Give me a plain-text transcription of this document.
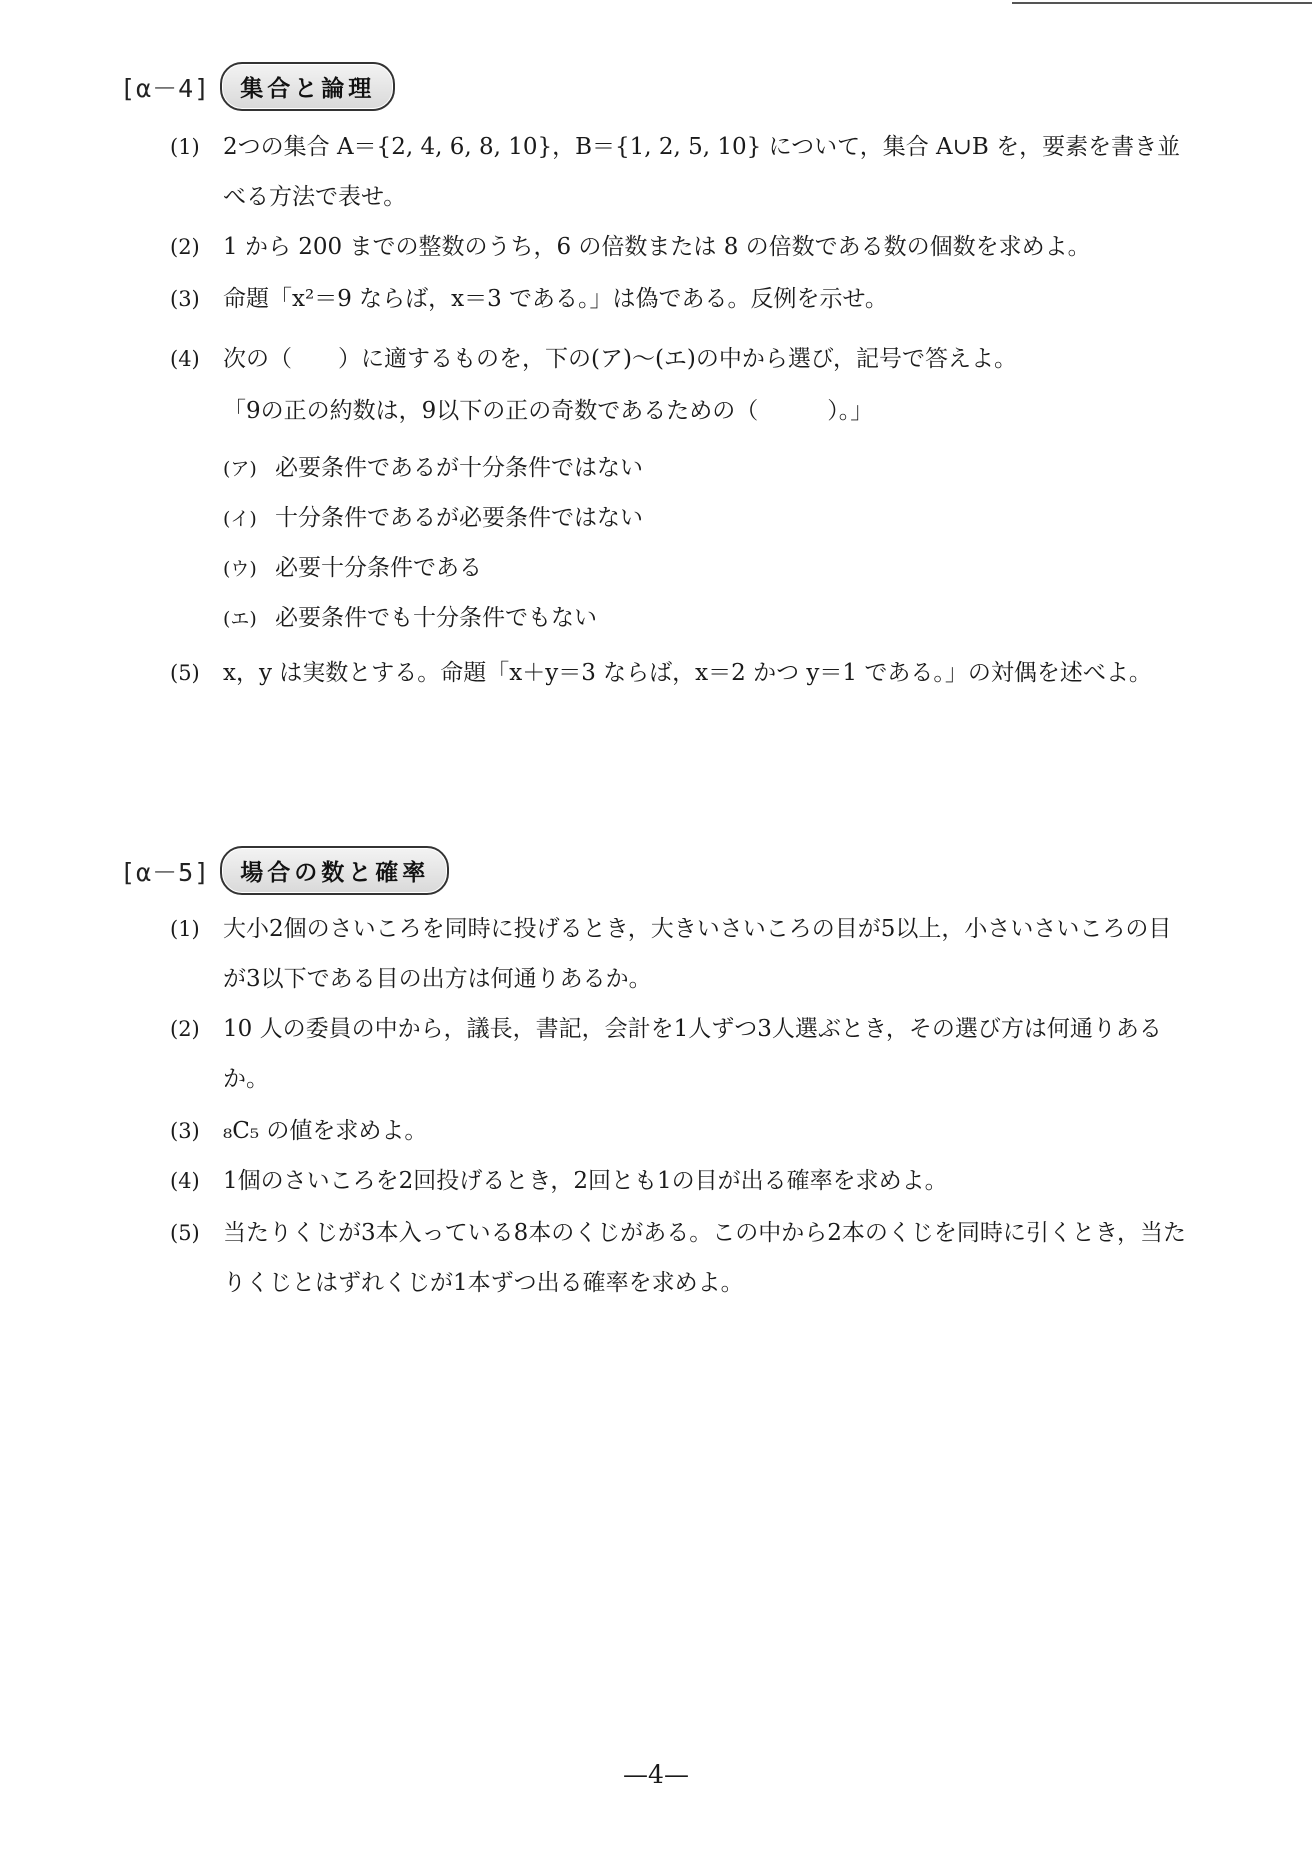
[α－4]	集合と論理
(1) 2つの集合 A＝{2, 4, 6, 8, 10}，B＝{1, 2, 5, 10} について，集合 A∪B を，要素を書き並べる方法で表せ。
(2) 1 から 200 までの整数のうち，6 の倍数または 8 の倍数である数の個数を求めよ。
(3) 命題「x²＝9 ならば，x＝3 である。」は偽である。反例を示せ。
(4) 次の（　　）に適するものを，下の(ア)～(エ)の中から選び，記号で答えよ。
「9の正の約数は，9以下の正の奇数であるための（　　　）。」
(ア) 必要条件であるが十分条件ではない
(イ) 十分条件であるが必要条件ではない
(ウ) 必要十分条件である
(エ) 必要条件でも十分条件でもない
(5) x，y は実数とする。命題「x＋y＝3 ならば，x＝2 かつ y＝1 である。」の対偶を述べよ。
[α－5]	場合の数と確率
(1) 大小2個のさいころを同時に投げるとき，大きいさいころの目が5以上，小さいさいころの目が3以下である目の出方は何通りあるか。
(2) 10 人の委員の中から，議長，書記，会計を1人ずつ3人選ぶとき，その選び方は何通りあるか。
(3) ₈C₅ の値を求めよ。
(4) 1個のさいころを2回投げるとき，2回とも1の目が出る確率を求めよ。
(5) 当たりくじが3本入っている8本のくじがある。この中から2本のくじを同時に引くとき，当たりくじとはずれくじが1本ずつ出る確率を求めよ。
—4—
